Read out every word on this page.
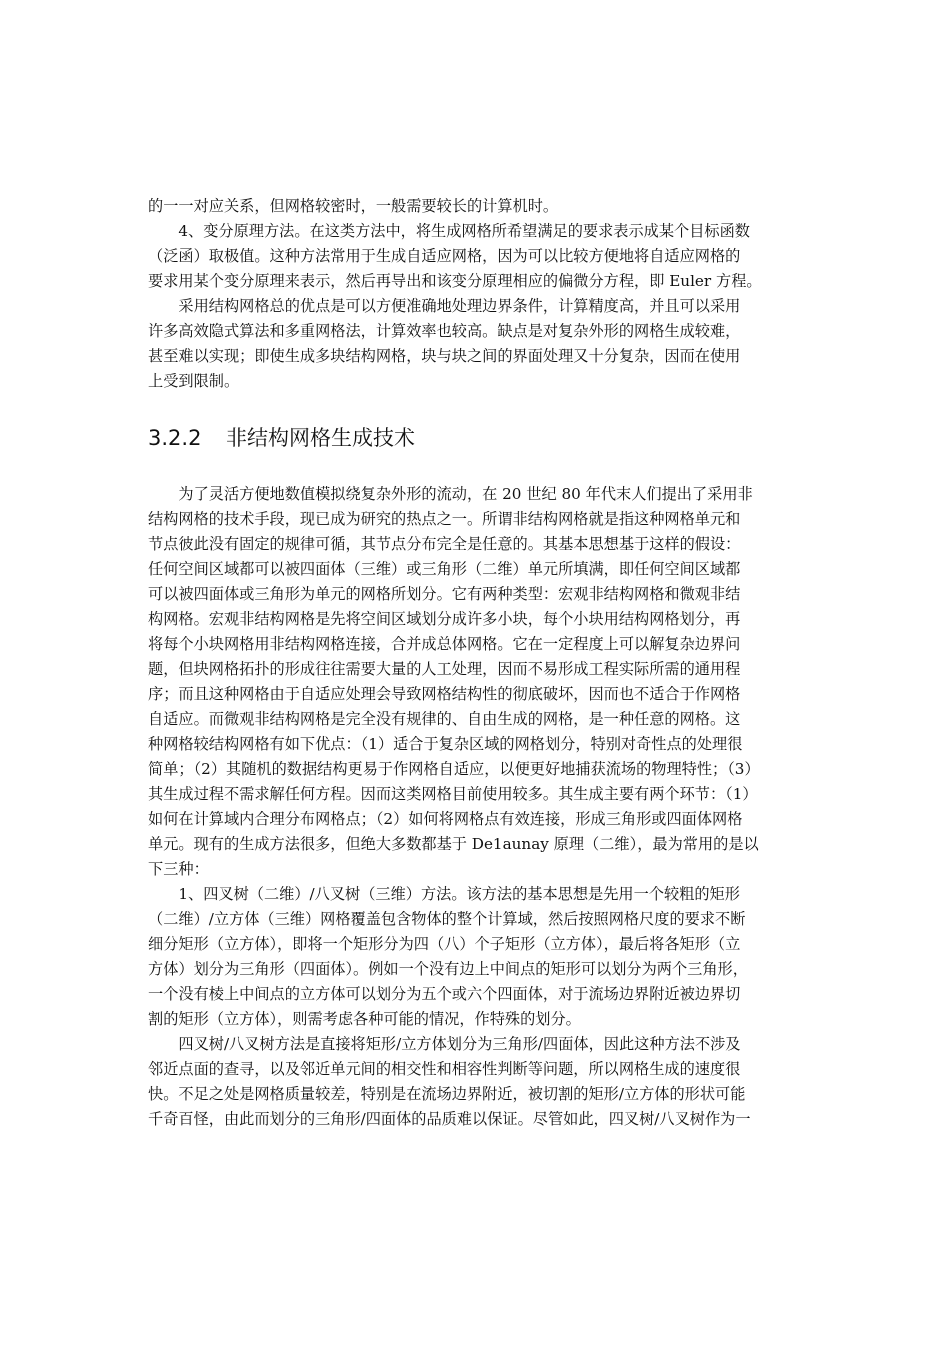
的一一对应关系，但网格较密时，一般需要较长的计算机时。
　　4、变分原理方法。在这类方法中，将生成网格所希望满足的要求表示成某个目标函数
（泛函）取极值。这种方法常用于生成自适应网格，因为可以比较方便地将自适应网格的
要求用某个变分原理来表示，然后再导出和该变分原理相应的偏微分方程，即 Euler 方程。
　　采用结构网格总的优点是可以方便准确地处理边界条件，计算精度高，并且可以采用
许多高效隐式算法和多重网格法，计算效率也较高。缺点是对复杂外形的网格生成较难，
甚至难以实现；即使生成多块结构网格，块与块之间的界面处理又十分复杂，因而在使用
上受到限制。
3.2.2 非结构网格生成技术
　　为了灵活方便地数值模拟绕复杂外形的流动，在 20 世纪 80 年代末人们提出了采用非
结构网格的技术手段，现已成为研究的热点之一。所谓非结构网格就是指这种网格单元和
节点彼此没有固定的规律可循，其节点分布完全是任意的。其基本思想基于这样的假设：
任何空间区域都可以被四面体（三维）或三角形（二维）单元所填满，即任何空间区域都
可以被四面体或三角形为单元的网格所划分。它有两种类型：宏观非结构网格和微观非结
构网格。宏观非结构网格是先将空间区域划分成许多小块，每个小块用结构网格划分，再
将每个小块网格用非结构网格连接，合并成总体网格。它在一定程度上可以解复杂边界问
题，但块网格拓扑的形成往往需要大量的人工处理，因而不易形成工程实际所需的通用程
序；而且这种网格由于自适应处理会导致网格结构性的彻底破坏，因而也不适合于作网格
自适应。而微观非结构网格是完全没有规律的、自由生成的网格，是一种任意的网格。这
种网格较结构网格有如下优点：（1）适合于复杂区域的网格划分，特别对奇性点的处理很
简单；（2）其随机的数据结构更易于作网格自适应，以便更好地捕获流场的物理特性；（3）
其生成过程不需求解任何方程。因而这类网格目前使用较多。其生成主要有两个环节：（1）
如何在计算域内合理分布网格点；（2）如何将网格点有效连接，形成三角形或四面体网格
单元。现有的生成方法很多，但绝大多数都基于 De1aunay 原理（二维），最为常用的是以
下三种：
　　1、四叉树（二维）/八叉树（三维）方法。该方法的基本思想是先用一个较粗的矩形
（二维）/立方体（三维）网格覆盖包含物体的整个计算域，然后按照网格尺度的要求不断
细分矩形（立方体），即将一个矩形分为四（八）个子矩形（立方体），最后将各矩形（立
方体）划分为三角形（四面体）。例如一个没有边上中间点的矩形可以划分为两个三角形，
一个没有棱上中间点的立方体可以划分为五个或六个四面体，对于流场边界附近被边界切
割的矩形（立方体），则需考虑各种可能的情况，作特殊的划分。
　　四叉树/八叉树方法是直接将矩形/立方体划分为三角形/四面体，因此这种方法不涉及
邻近点面的查寻，以及邻近单元间的相交性和相容性判断等问题，所以网格生成的速度很
快。不足之处是网格质量较差，特别是在流场边界附近，被切割的矩形/立方体的形状可能
千奇百怪，由此而划分的三角形/四面体的品质难以保证。尽管如此，四叉树/八叉树作为一
